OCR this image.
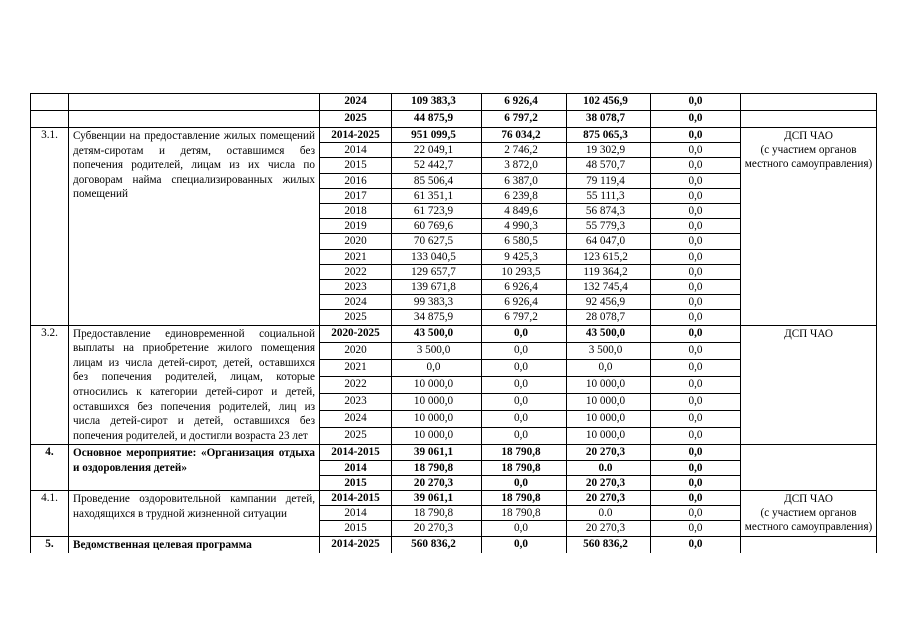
		2024	109 383,3	6 926,4	102 456,9	0,0	
		2025	44 875,9	6 797,2	38 078,7	0,0	
3.1.	Субвенции на предоставление жилых помещений детям-сиротам и детям, оставшимся без попечения родителей, лицам из их числа по договорам найма специализированных жилых помещений	2014-2025	951 099,5	76 034,2	875 065,3	0,0	ДСП ЧАО
(с участием органов местного самоуправления)
		2014	22 049,1	2 746,2	19 302,9	0,0	
		2015	52 442,7	3 872,0	48 570,7	0,0	
		2016	85 506,4	6 387,0	79 119,4	0,0	
		2017	61 351,1	6 239,8	55 111,3	0,0	
		2018	61 723,9	4 849,6	56 874,3	0,0	
		2019	60 769,6	4 990,3	55 779,3	0,0	
		2020	70 627,5	6 580,5	64 047,0	0,0	
		2021	133 040,5	9 425,3	123 615,2	0,0	
		2022	129 657,7	10 293,5	119 364,2	0,0	
		2023	139 671,8	6 926,4	132 745,4	0,0	
		2024	99 383,3	6 926,4	92 456,9	0,0	
		2025	34 875,9	6 797,2	28 078,7	0,0	
3.2.	Предоставление единовременной социальной выплаты на приобретение жилого помещения лицам из числа детей-сирот, детей, оставшихся без попечения родителей, лицам, которые относились к категории детей-сирот и детей, оставшихся без попечения родителей, лиц из числа детей-сирот и детей, оставшихся без попечения родителей, и достигли возраста 23 лет	2020-2025	43 500,0	0,0	43 500,0	0,0	ДСП ЧАО
		2020	3 500,0	0,0	3 500,0	0,0	
		2021	0,0	0,0	0,0	0,0	
		2022	10 000,0	0,0	10 000,0	0,0	
		2023	10 000,0	0,0	10 000,0	0,0	
		2024	10 000,0	0,0	10 000,0	0,0	
		2025	10 000,0	0,0	10 000,0	0,0	
4.	Основное мероприятие: «Организация отдыха и оздоровления детей»	2014-2015	39 061,1	18 790,8	20 270,3	0,0	
		2014	18 790,8	18 790,8	0.0	0,0	
		2015	20 270,3	0,0	20 270,3	0,0	
4.1.	Проведение оздоровительной кампании детей, находящихся в трудной жизненной ситуации	2014-2015	39 061,1	18 790,8	20 270,3	0,0	ДСП ЧАО
(с участием органов местного самоуправления)
		2014	18 790,8	18 790,8	0.0	0,0	
		2015	20 270,3	0,0	20 270,3	0,0	
5.	Ведомственная целевая программа	2014-2025	560 836,2	0,0	560 836,2	0,0	
